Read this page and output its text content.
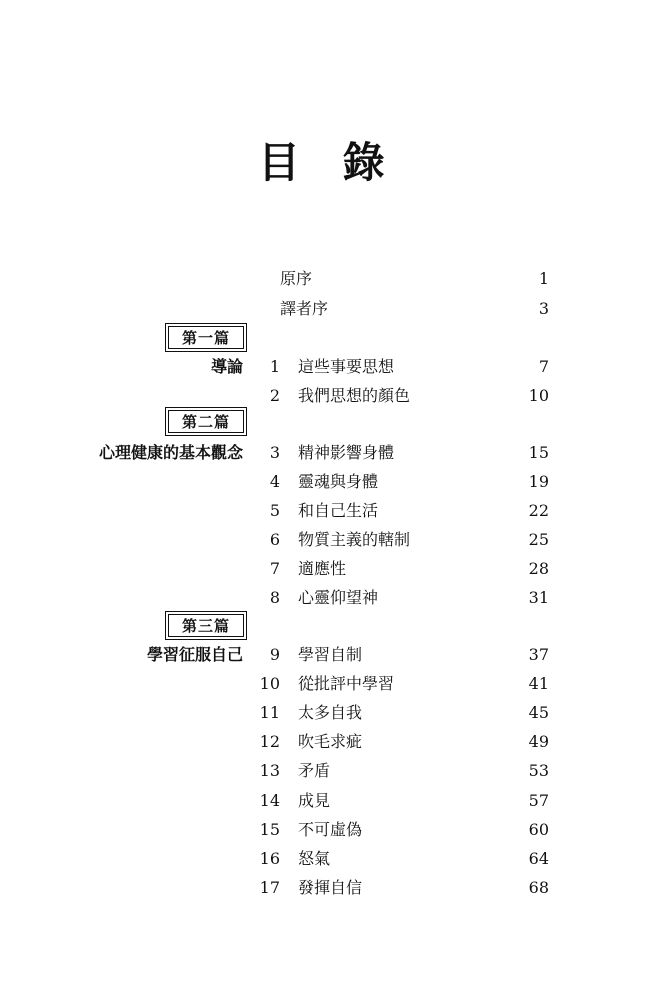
目 錄
原序	1
譯者序	3
第一篇
導論	1 這些事要思想	7
2 我們思想的顏色	10
第二篇
心理健康的基本觀念	3 精神影響身體	15
4 靈魂與身體	19
5 和自己生活	22
6 物質主義的轄制	25
7 適應性	28
8 心靈仰望神	31
第三篇
學習征服自己	9 學習自制	37
10 從批評中學習	41
11 太多自我	45
12 吹毛求疵	49
13 矛盾	53
14 成見	57
15 不可虛偽	60
16 怒氣	64
17 發揮自信	68
